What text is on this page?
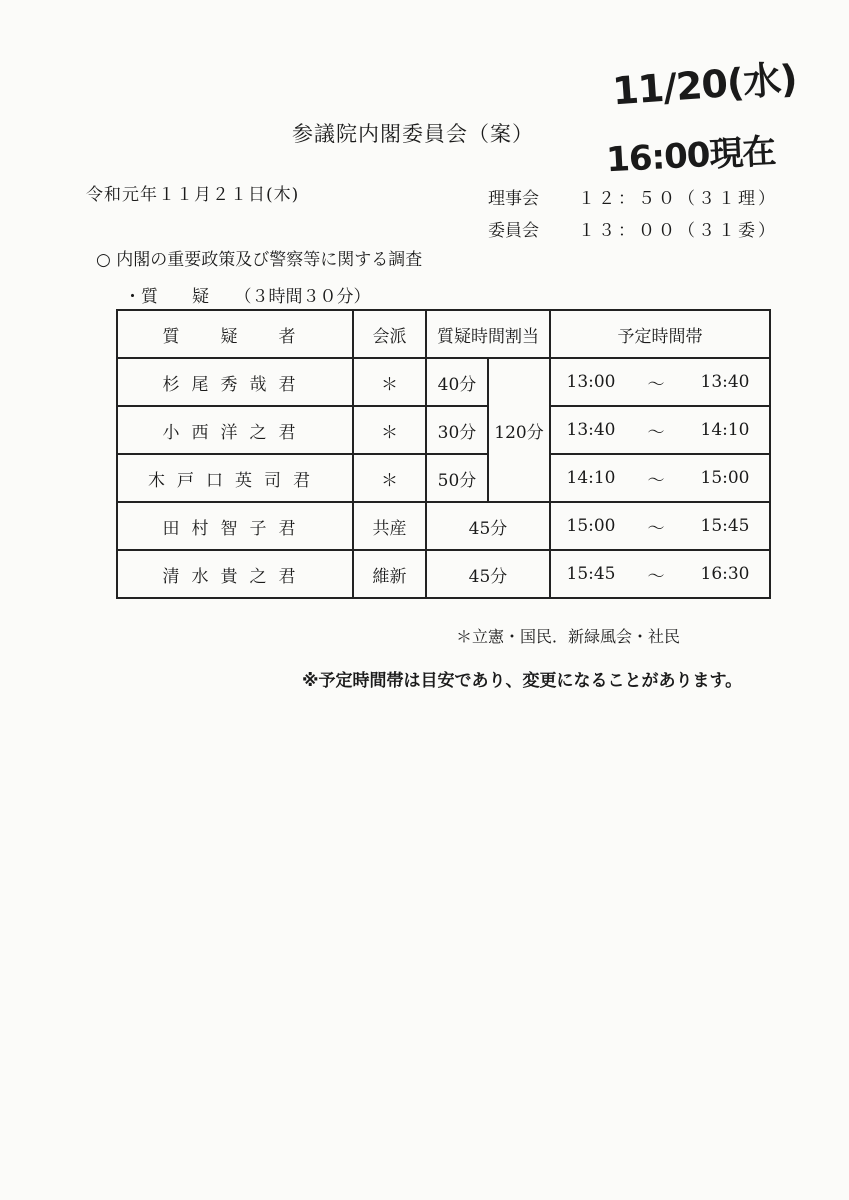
参議院内閣委員会（案）
11/20(水)
16:00現在
令和元年１１月２１日(木)	理事会 １２：５０（３１理）
委員会 １３：００（３１委）
○ 内閣の重要政策及び警察等に関する調査
・質　　疑　　（３時間３０分）
質　疑　者	会派	質疑時間割当		予定時間帯		
杉尾秀哉君	＊	40分	120分	13:00	～	13:40
小西洋之君	＊	30分		13:40	～	14:10
木戸口英司君	＊	50分		14:10	～	15:00
田村智子君	共産	45分		15:00	～	15:45
清水貴之君	維新	45分		15:45	～	16:30
＊立憲・国民．新緑風会・社民
※予定時間帯は目安であり、変更になることがあります。
